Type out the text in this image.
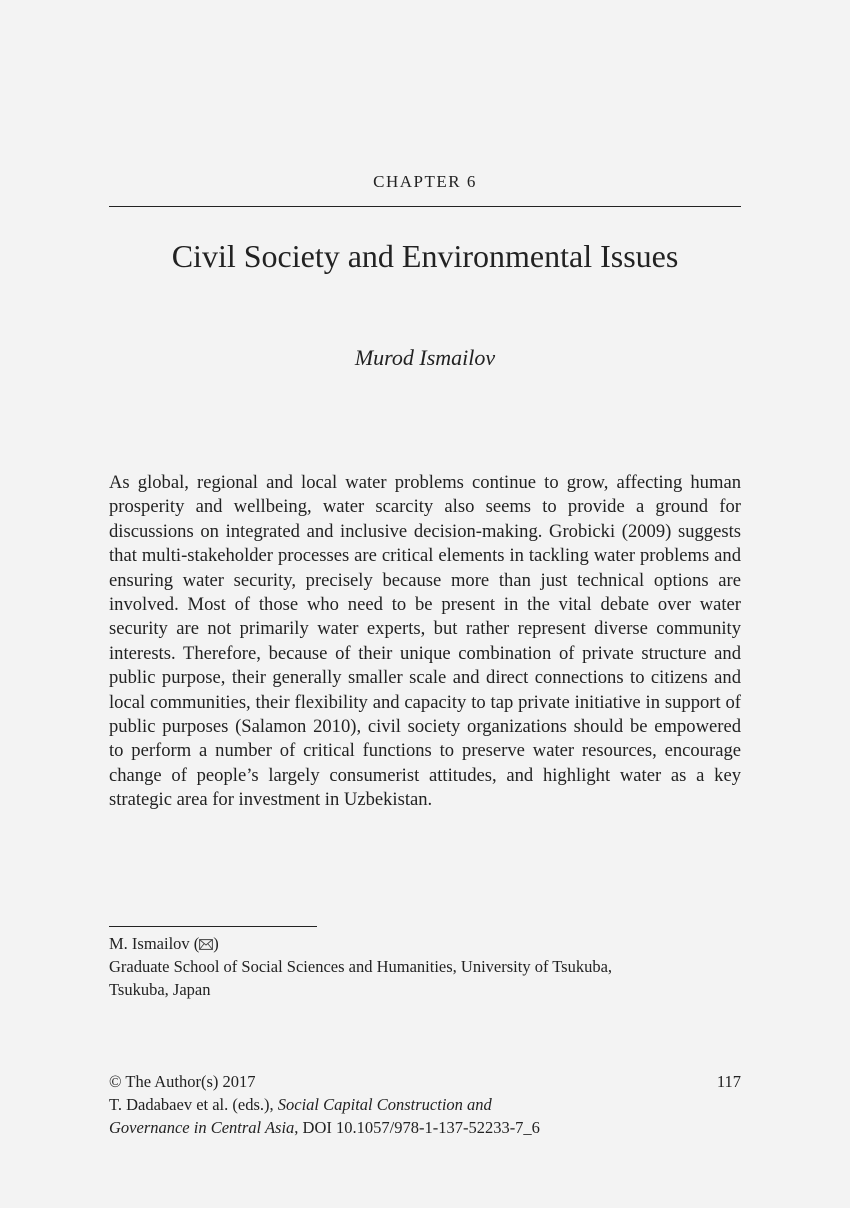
CHAPTER 6
Civil Society and Environmental Issues
Murod Ismailov

As global, regional and local water problems continue to grow, affecting human prosperity and wellbeing, water scarcity also seems to provide a ground for discussions on integrated and inclusive decision-making. Grobicki (2009) suggests that multi-stakeholder processes are critical elements in tackling water problems and ensuring water security, precisely because more than just technical options are involved. Most of those who need to be present in the vital debate over water security are not primarily water experts, but rather represent diverse community interests. Therefore, because of their unique combination of private structure and public purpose, their generally smaller scale and direct connections to citizens and local communities, their flexibility and capacity to tap private initiative in support of public purposes (Salamon 2010), civil society organizations should be empowered to perform a number of critical functions to preserve water resources, encourage change of people’s largely consumerist attitudes, and highlight water as a key strategic area for investment in Uzbekistan.

M. Ismailov ( )
Graduate School of Social Sciences and Humanities, University of Tsukuba,
Tsukuba, Japan
© The Author(s) 2017	117
T. Dadabaev et al. (eds.), Social Capital Construction and
Governance in Central Asia, DOI 10.1057/978-1-137-52233-7_6
